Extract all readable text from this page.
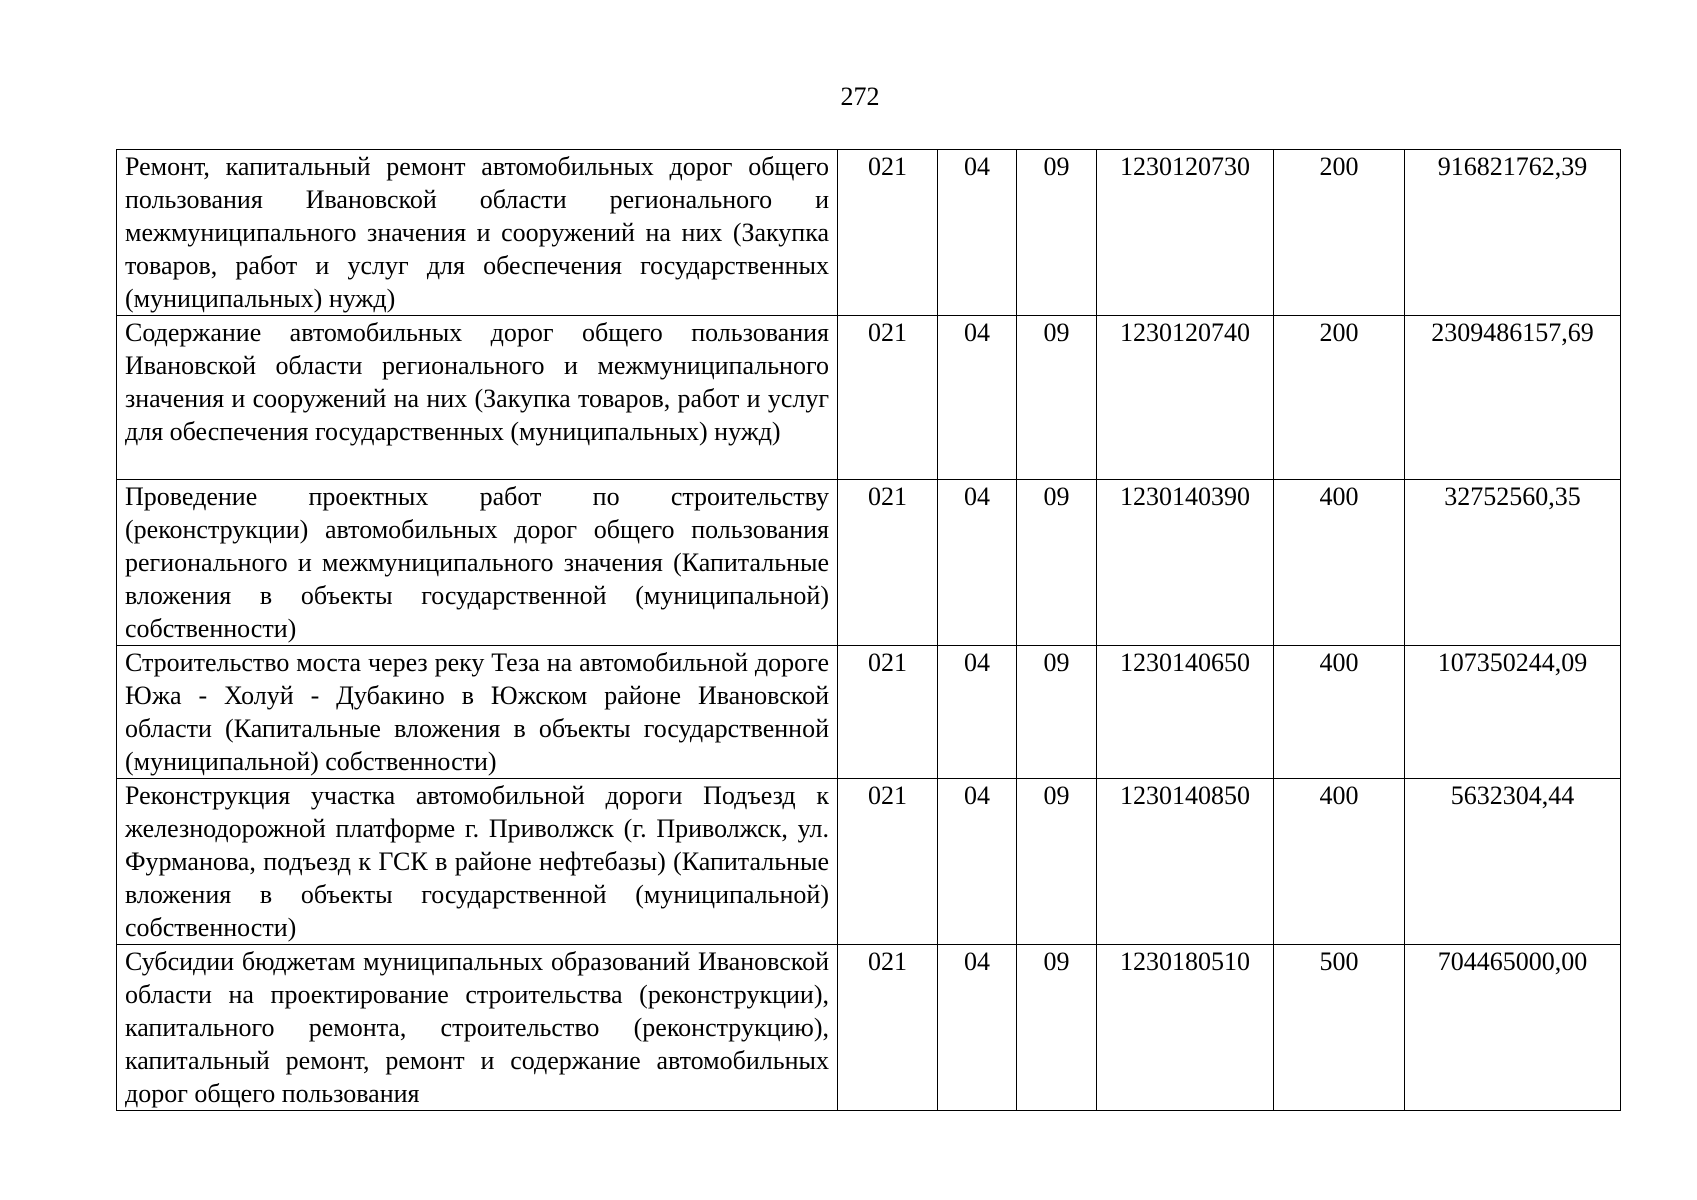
272
Ремонт, капитальный ремонт автомобильных дорог общего пользования Ивановской области регионального и межмуниципального значения и сооружений на них (Закупка товаров, работ и услуг для обеспечения государственных (муниципальных) нужд)	021	04	09	1230120730	200	916821762,39
Содержание автомобильных дорог общего пользования Ивановской области регионального и межмуниципального значения и сооружений на них (Закупка товаров, работ и услуг для обеспечения государственных (муниципальных) нужд)	021	04	09	1230120740	200	2309486157,69
Проведение проектных работ по строительству (реконструкции) автомобильных дорог общего пользования регионального и межмуниципального значения (Капитальные вложения в объекты государственной (муниципальной) собственности)	021	04	09	1230140390	400	32752560,35
Строительство моста через реку Теза на автомобильной дороге Южа - Холуй - Дубакино в Южском районе Ивановской области (Капитальные вложения в объекты государственной (муниципальной) собственности)	021	04	09	1230140650	400	107350244,09
Реконструкция участка автомобильной дороги Подъезд к железнодорожной платформе г. Приволжск (г. Приволжск, ул. Фурманова, подъезд к ГСК в районе нефтебазы) (Капитальные вложения в объекты государственной (муниципальной) собственности)	021	04	09	1230140850	400	5632304,44
Субсидии бюджетам муниципальных образований Ивановской области на проектирование строительства (реконструкции), капитального ремонта, строительство (реконструкцию), капитальный ремонт, ремонт и содержание автомобильных дорог общего пользования	021	04	09	1230180510	500	704465000,00
